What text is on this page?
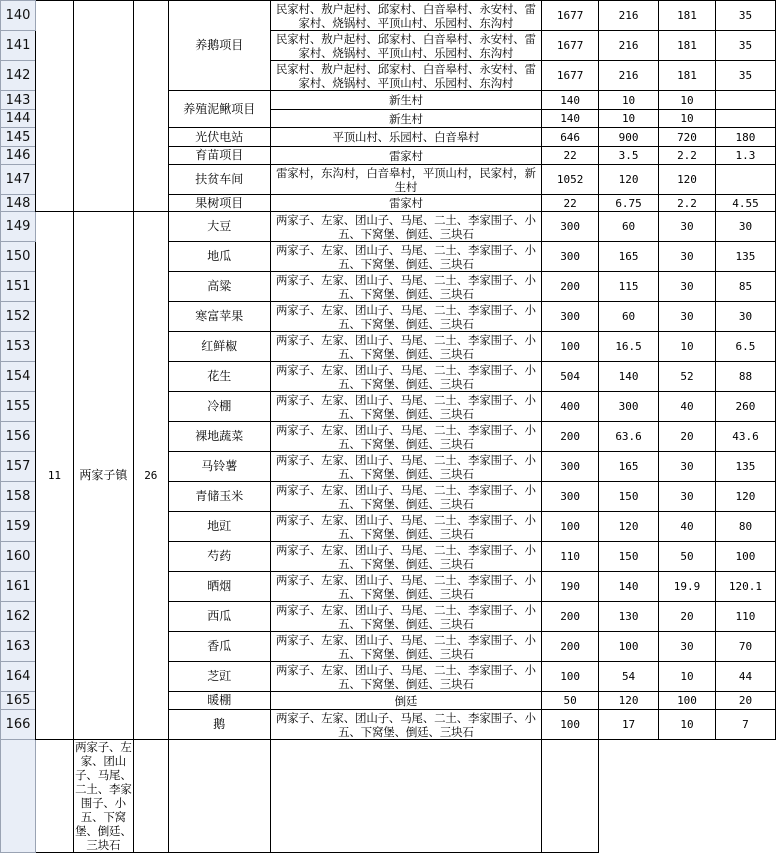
140				养鹅项目	民家村、敖户起村、邱家村、白音皋村、永安村、雷家村、烧锅村、平顶山村、乐园村、东沟村	1677	216	181	35
141					民家村、敖户起村、邱家村、白音皋村、永安村、雷家村、烧锅村、平顶山村、乐园村、东沟村	1677	216	181	35
142					民家村、敖户起村、邱家村、白音皋村、永安村、雷家村、烧锅村、平顶山村、乐园村、东沟村	1677	216	181	35
143				养殖泥鳅项目	新生村	140	10	10	
144					新生村	140	10	10	
145				光伏电站	平顶山村、乐园村、白音皋村	646	900	720	180
146				育苗项目	雷家村	22	3.5	2.2	1.3
147				扶贫车间	雷家村，东沟村，白音皋村，平顶山村，民家村，新生村	1052	120	120	
148				果树项目	雷家村	22	6.75	2.2	4.55
149	11	两家子镇	26	大豆	两家子、左家、团山子、马尾、二土、李家围子、小五、下窝堡、倒廷、三块石	300	60	30	30
150				地瓜	两家子、左家、团山子、马尾、二土、李家围子、小五、下窝堡、倒廷、三块石	300	165	30	135
151				高粱	两家子、左家、团山子、马尾、二土、李家围子、小五、下窝堡、倒廷、三块石	200	115	30	85
152				寒富苹果	两家子、左家、团山子、马尾、二土、李家围子、小五、下窝堡、倒廷、三块石	300	60	30	30
153				红鲜椒	两家子、左家、团山子、马尾、二土、李家围子、小五、下窝堡、倒廷、三块石	100	16.5	10	6.5
154				花生	两家子、左家、团山子、马尾、二土、李家围子、小五、下窝堡、倒廷、三块石	504	140	52	88
155				冷棚	两家子、左家、团山子、马尾、二土、李家围子、小五、下窝堡、倒廷、三块石	400	300	40	260
156				裸地蔬菜	两家子、左家、团山子、马尾、二土、李家围子、小五、下窝堡、倒廷、三块石	200	63.6	20	43.6
157				马铃薯	两家子、左家、团山子、马尾、二土、李家围子、小五、下窝堡、倒廷、三块石	300	165	30	135
158				青储玉米	两家子、左家、团山子、马尾、二土、李家围子、小五、下窝堡、倒廷、三块石	300	150	30	120
159				地豇	两家子、左家、团山子、马尾、二土、李家围子、小五、下窝堡、倒廷、三块石	100	120	40	80
160				芍药	两家子、左家、团山子、马尾、二土、李家围子、小五、下窝堡、倒廷、三块石	110	150	50	100
161				晒烟	两家子、左家、团山子、马尾、二土、李家围子、小五、下窝堡、倒廷、三块石	190	140	19.9	120.1
162				西瓜	两家子、左家、团山子、马尾、二土、李家围子、小五、下窝堡、倒廷、三块石	200	130	20	110
163				香瓜	两家子、左家、团山子、马尾、二土、李家围子、小五、下窝堡、倒廷、三块石	200	100	30	70
164				芝豇	两家子、左家、团山子、马尾、二土、李家围子、小五、下窝堡、倒廷、三块石	100	54	10	44
165				暖棚	倒廷	50	120	100	20
166				鹅	两家子、左家、团山子、马尾、二土、李家围子、小五、下窝堡、倒廷、三块石	100	17	10	7
		两家子、左家、团山子、马尾、二土、李家围子、小五、下窝堡、倒廷、三块石							
